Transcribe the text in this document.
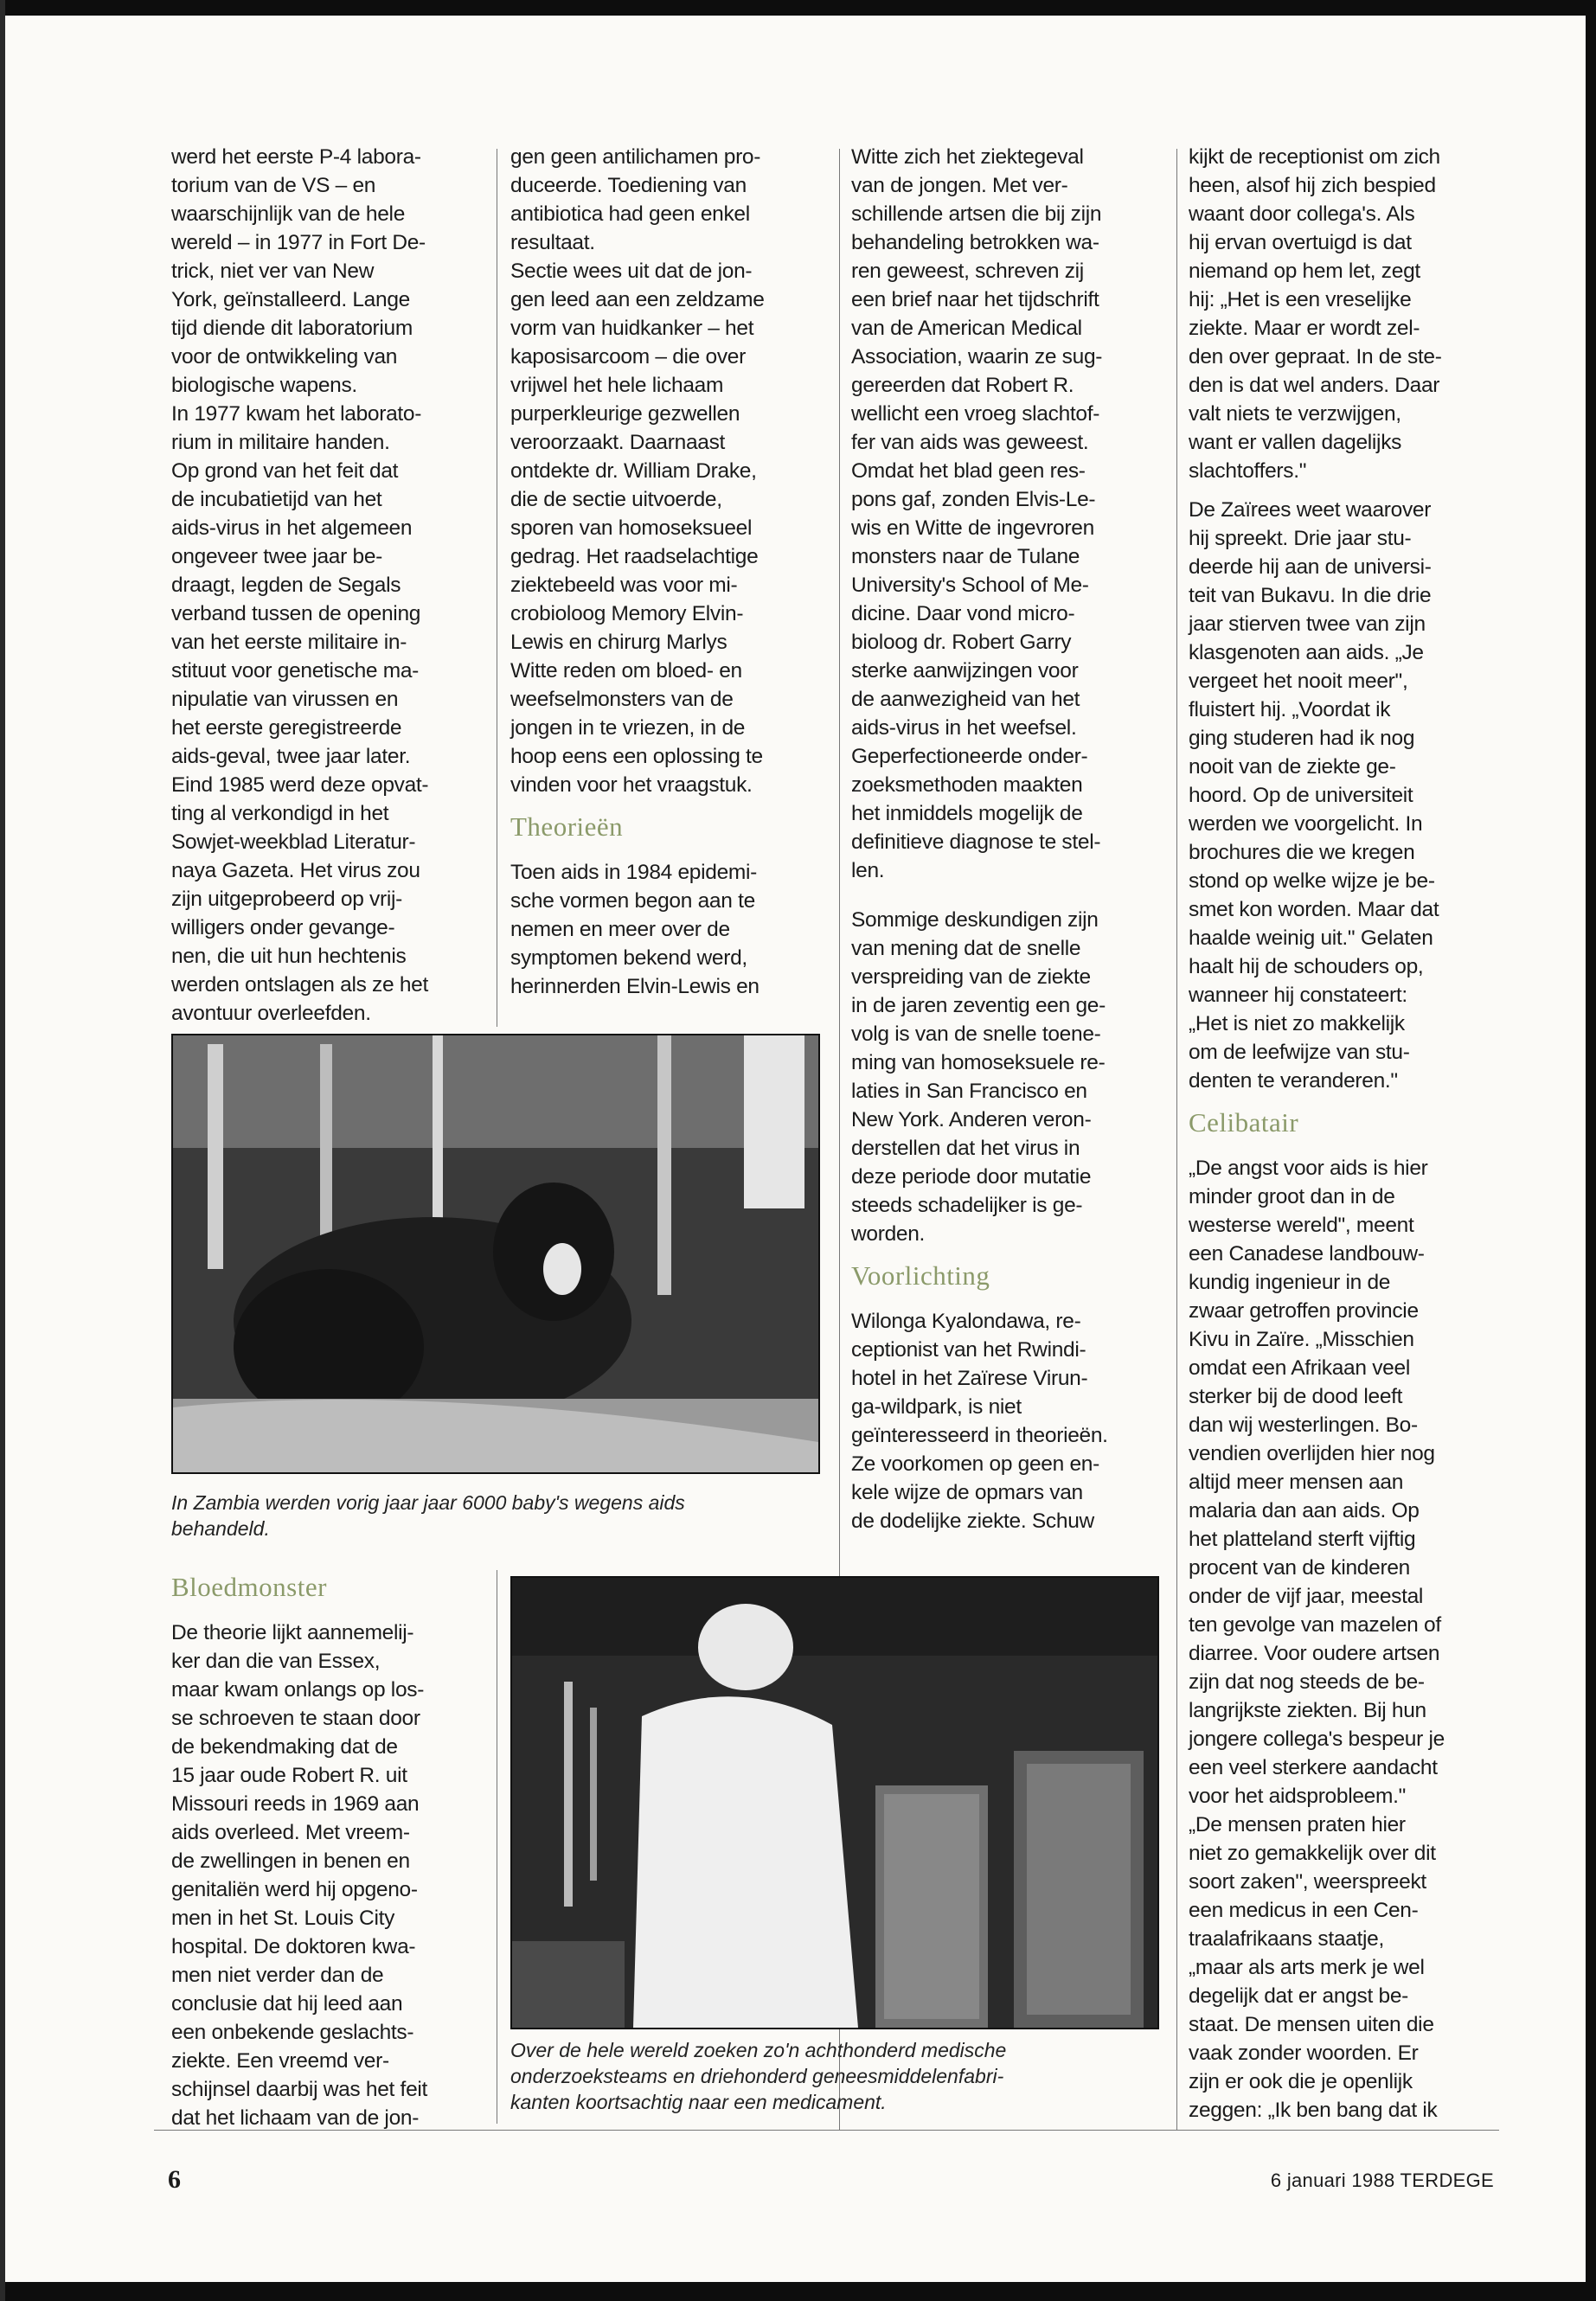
werd het eerste P-4 labora-
torium van de VS – en
waarschijnlijk van de hele
wereld – in 1977 in Fort De-
trick, niet ver van New
York, geïnstalleerd. Lange
tijd diende dit laboratorium
voor de ontwikkeling van
biologische wapens.

In 1977 kwam het laborato-
rium in militaire handen.

Op grond van het feit dat
de incubatietijd van het
aids-virus in het algemeen
ongeveer twee jaar be-
draagt, legden de Segals
verband tussen de opening
van het eerste militaire in-
stituut voor genetische ma-
nipulatie van virussen en
het eerste geregistreerde
aids-geval, twee jaar later.

Eind 1985 werd deze opvat-
ting al verkondigd in het
Sowjet-weekblad Literatur-
naya Gazeta. Het virus zou
zijn uitgeprobeerd op vrij-
willigers onder gevange-
nen, die uit hun hechtenis
werden ontslagen als ze het
avontuur overleefden.

gen geen antilichamen pro-
duceerde. Toediening van
antibiotica had geen enkel
resultaat.

Sectie wees uit dat de jon-
gen leed aan een zeldzame
vorm van huidkanker – het
kaposisarcoom – die over
vrijwel het hele lichaam
purperkleurige gezwellen
veroorzaakt. Daarnaast
ontdekte dr. William Drake,
die de sectie uitvoerde,
sporen van homoseksueel
gedrag. Het raadselachtige
ziektebeeld was voor mi-
crobioloog Memory Elvin-
Lewis en chirurg Marlys
Witte reden om bloed- en
weefselmonsters van de
jongen in te vriezen, in de
hoop eens een oplossing te
vinden voor het vraagstuk.

Theorieën

Toen aids in 1984 epidemi-
sche vormen begon aan te
nemen en meer over de
symptomen bekend werd,
herinnerden Elvin-Lewis en

Witte zich het ziektegeval
van de jongen. Met ver-
schillende artsen die bij zijn
behandeling betrokken wa-
ren geweest, schreven zij
een brief naar het tijdschrift
van de American Medical
Association, waarin ze sug-
gereerden dat Robert R.
wellicht een vroeg slachtof-
fer van aids was geweest.

Omdat het blad geen res-
pons gaf, zonden Elvis-Le-
wis en Witte de ingevroren
monsters naar de Tulane
University's School of Me-
dicine. Daar vond micro-
bioloog dr. Robert Garry
sterke aanwijzingen voor
de aanwezigheid van het
aids-virus in het weefsel.
Geperfectioneerde onder-
zoeksmethoden maakten
het inmiddels mogelijk de
definitieve diagnose te stel-
len.

Sommige deskundigen zijn
van mening dat de snelle
verspreiding van de ziekte
in de jaren zeventig een ge-
volg is van de snelle toene-
ming van homoseksuele re-
laties in San Francisco en
New York. Anderen veron-
derstellen dat het virus in
deze periode door mutatie
steeds schadelijker is ge-
worden.

Voorlichting

Wilonga Kyalondawa, re-
ceptionist van het Rwindi-
hotel in het Zaïrese Virun-
ga-wildpark, is niet
geïnteresseerd in theorieën.
Ze voorkomen op geen en-
kele wijze de opmars van
de dodelijke ziekte. Schuw

kijkt de receptionist om zich
heen, alsof hij zich bespied
waant door collega's. Als
hij ervan overtuigd is dat
niemand op hem let, zegt
hij: „Het is een vreselijke
ziekte. Maar er wordt zel-
den over gepraat. In de ste-
den is dat wel anders. Daar
valt niets te verzwijgen,
want er vallen dagelijks
slachtoffers."

De Zaïrees weet waarover
hij spreekt. Drie jaar stu-
deerde hij aan de universi-
teit van Bukavu. In die drie
jaar stierven twee van zijn
klasgenoten aan aids. „Je
vergeet het nooit meer",
fluistert hij. „Voordat ik
ging studeren had ik nog
nooit van de ziekte ge-
hoord. Op de universiteit
werden we voorgelicht. In
brochures die we kregen
stond op welke wijze je be-
smet kon worden. Maar dat
haalde weinig uit." Gelaten
haalt hij de schouders op,
wanneer hij constateert:
„Het is niet zo makkelijk
om de leefwijze van stu-
denten te veranderen."

Celibatair

„De angst voor aids is hier
minder groot dan in de
westerse wereld", meent
een Canadese landbouw-
kundig ingenieur in de
zwaar getroffen provincie
Kivu in Zaïre. „Misschien
omdat een Afrikaan veel
sterker bij de dood leeft
dan wij westerlingen. Bo-
vendien overlijden hier nog
altijd meer mensen aan
malaria dan aan aids. Op
het platteland sterft vijftig
procent van de kinderen
onder de vijf jaar, meestal
ten gevolge van mazelen of
diarree. Voor oudere artsen
zijn dat nog steeds de be-
langrijkste ziekten. Bij hun
jongere collega's bespeur je
een veel sterkere aandacht
voor het aidsprobleem."

„De mensen praten hier
niet zo gemakkelijk over dit
soort zaken", weerspreekt
een medicus in een Cen-
traalafrikaans staatje,
„maar als arts merk je wel
degelijk dat er angst be-
staat. De mensen uiten die
vaak zonder woorden. Er
zijn er ook die je openlijk
zeggen: „Ik ben bang dat ik

In Zambia werden vorig jaar jaar 6000 baby's wegens aids
behandeld.
Bloedmonster

De theorie lijkt aannemelij-
ker dan die van Essex,
maar kwam onlangs op los-
se schroeven te staan door
de bekendmaking dat de
15 jaar oude Robert R. uit
Missouri reeds in 1969 aan
aids overleed. Met vreem-
de zwellingen in benen en
genitaliën werd hij opgeno-
men in het St. Louis City
hospital. De doktoren kwa-
men niet verder dan de
conclusie dat hij leed aan
een onbekende geslachts-
ziekte. Een vreemd ver-
schijnsel daarbij was het feit
dat het lichaam van de jon-

Over de hele wereld zoeken zo'n achthonderd medische
onderzoeksteams en driehonderd geneesmiddelenfabri-
kanten koortsachtig naar een medicament.
6	6 januari 1988 TERDEGE
